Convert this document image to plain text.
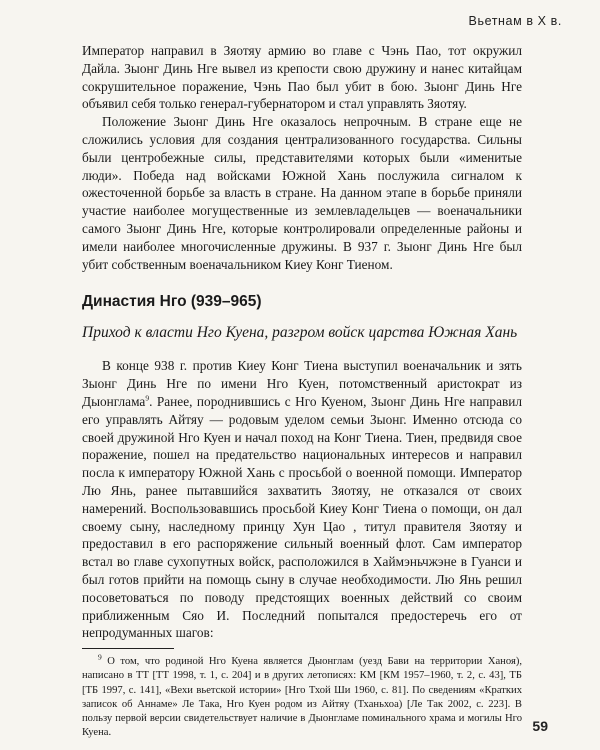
Вьетнам в X в.

Император направил в Зяотяу армию во главе с Чэнь Пао, тот окружил Дайла. Зыонг Динь Нге вывел из крепости свою дружину и нанес китайцам сокрушительное поражение, Чэнь Пао был убит в бою. Зыонг Динь Нге объявил себя только генерал-губернатором и стал управлять Зяотяу.

Положение Зыонг Динь Нге оказалось непрочным. В стране еще не сложились условия для создания централизованного государства. Сильны были центробежные силы, представителями которых были «именитые люди». Победа над войсками Южной Хань послужила сигналом к ожесточенной борьбе за власть в стране. На данном этапе в борьбе приняли участие наиболее могущественные из землевладельцев — военачальники самого Зыонг Динь Нге, которые контролировали определенные районы и имели наиболее многочисленные дружины. В 937 г. Зыонг Динь Нге был убит собственным военачальником Киеу Конг Тиеном.

Династия Нго (939–965)
Приход к власти Нго Куена, разгром войск царства Южная Хань

В конце 938 г. против Киеу Конг Тиена выступил военачальник и зять Зыонг Динь Нге по имени Нго Куен, потомственный аристократ из Дыонглама$^9$. Ранее, породнившись с Нго Куеном, Зыонг Динь Нге направил его управлять Айтяу — родовым уделом семьи Зыонг. Именно отсюда со своей дружиной Нго Куен и начал поход на Конг Тиена. Тиен, предвидя свое поражение, пошел на предательство национальных интересов и направил посла к императору Южной Хань с просьбой о военной помощи. Император Лю Янь, ранее пытавшийся захватить Зяотяу, не отказался от своих намерений. Воспользовавшись просьбой Киеу Конг Тиена о помощи, он дал своему сыну, наследному принцу Хун Цао , титул правителя Зяотяу и предоставил в его распоряжение сильный военный флот. Сам император встал во главе сухопутных войск, расположился в Хаймэньчжэне в Гуанси и был готов прийти на помощь сыну в случае необходимости. Лю Янь решил посоветоваться по поводу предстоящих военных действий со своим приближенным Сяо И. Последний попытался предостеречь его от непродуманных шагов:

$^9$ О том, что родиной Нго Куена является Дыонглам (уезд Бави на территории Ханоя), написано в ТТ [ТТ 1998, т. 1, с. 204] и в других летописях: КМ [КМ 1957–1960, т. 2, с. 43], ТБ [ТБ 1997, с. 141], «Вехи вьетской истории» [Нго Тхой Ши 1960, с. 81]. По сведениям «Кратких записок об Аннаме» Ле Така, Нго Куен родом из Айтяу (Тханьхоа) [Ле Так 2002, с. 223]. В пользу первой версии свидетельствует наличие в Дыонгламе поминального храма и могилы Нго Куена.	59
